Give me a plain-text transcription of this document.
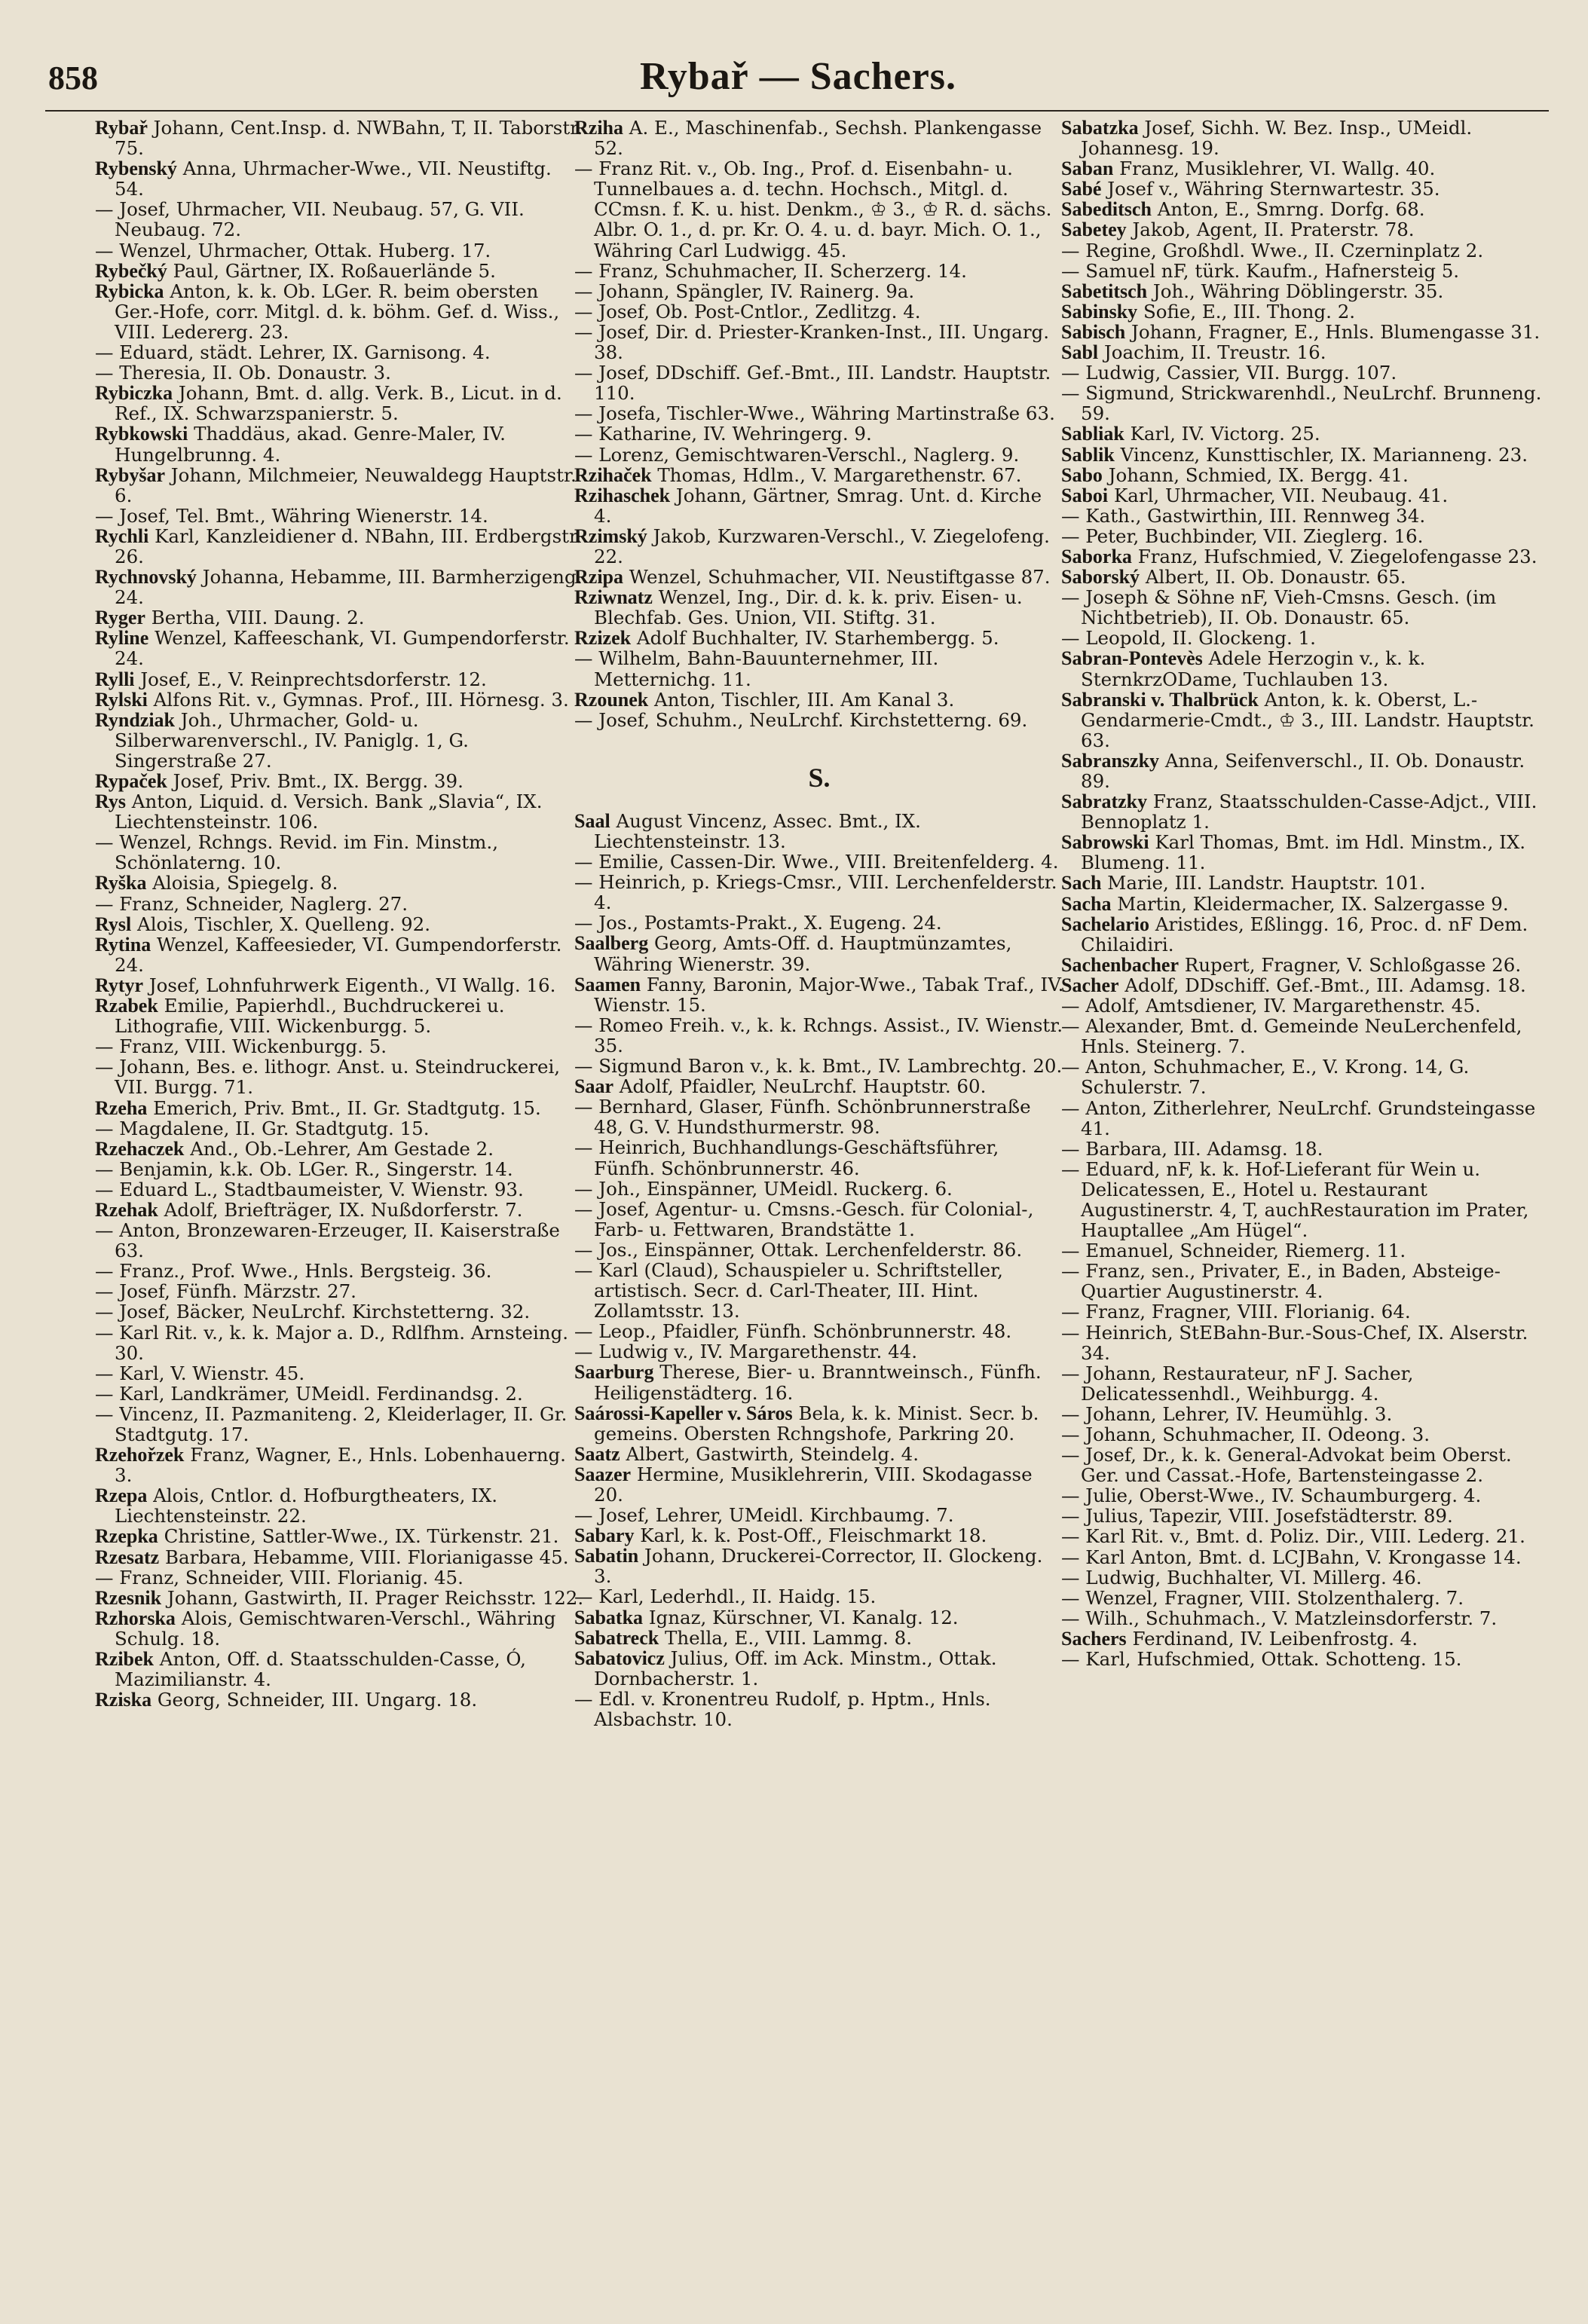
858	Rybař — Sachers.
Rybař Johann, Cent.Insp. d. NWBahn, T, II. Taborstr. 75.
Rybenský Anna, Uhrmacher-Wwe., VII. Neustiftg. 54.
— Josef, Uhrmacher, VII. Neubaug. 57, G. VII. Neubaug. 72.
— Wenzel, Uhrmacher, Ottak. Huberg. 17.
Rybečký Paul, Gärtner, IX. Roßauerlände 5.
Rybicka Anton, k. k. Ob. LGer. R. beim obersten Ger.-Hofe, corr. Mitgl. d. k. böhm. Gef. d. Wiss., VIII. Ledererg. 23.
— Eduard, städt. Lehrer, IX. Garnisong. 4.
— Theresia, II. Ob. Donaustr. 3.
Rybiczka Johann, Bmt. d. allg. Verk. B., Licut. in d. Ref., IX. Schwarzspanierstr. 5.
Rybkowski Thaddäus, akad. Genre-Maler, IV. Hungelbrunng. 4.
Rybyšar Johann, Milchmeier, Neuwaldegg Hauptstr. 6.
— Josef, Tel. Bmt., Währing Wienerstr. 14.
Rychli Karl, Kanzleidiener d. NBahn, III. Erdbergstr. 26.
Rychnovský Johanna, Hebamme, III. Barmherzigeng. 24.
Ryger Bertha, VIII. Daung. 2.
Ryline Wenzel, Kaffeeschank, VI. Gumpendorferstr. 24.
Rylli Josef, E., V. Reinprechtsdorferstr. 12.
Rylski Alfons Rit. v., Gymnas. Prof., III. Hörnesg. 3.
Ryndziak Joh., Uhrmacher, Gold- u. Silberwarenverschl., IV. Paniglg. 1, G. Singerstraße 27.
Rypaček Josef, Priv. Bmt., IX. Bergg. 39.
Rys Anton, Liquid. d. Versich. Bank „Slavia“, IX. Liechtensteinstr. 106.
— Wenzel, Rchngs. Revid. im Fin. Minstm., Schönlaterng. 10.
Ryška Aloisia, Spiegelg. 8.
— Franz, Schneider, Naglerg. 27.
Rysl Alois, Tischler, X. Quelleng. 92.
Rytina Wenzel, Kaffeesieder, VI. Gumpendorferstr. 24.
Rytyr Josef, Lohnfuhrwerk Eigenth., VI Wallg. 16.
Rzabek Emilie, Papierhdl., Buchdruckerei u. Lithografie, VIII. Wickenburgg. 5.
— Franz, VIII. Wickenburgg. 5.
— Johann, Bes. e. lithogr. Anst. u. Steindruckerei, VII. Burgg. 71.
Rzeha Emerich, Priv. Bmt., II. Gr. Stadtgutg. 15.
— Magdalene, II. Gr. Stadtgutg. 15.
Rzehaczek And., Ob.-Lehrer, Am Gestade 2.
— Benjamin, k.k. Ob. LGer. R., Singerstr. 14.
— Eduard L., Stadtbaumeister, V. Wienstr. 93.
Rzehak Adolf, Briefträger, IX. Nußdorferstr. 7.
— Anton, Bronzewaren-Erzeuger, II. Kaiserstraße 63.
— Franz., Prof. Wwe., Hnls. Bergsteig. 36.
— Josef, Fünfh. Märzstr. 27.
— Josef, Bäcker, NeuLrchf. Kirchstetterng. 32.
— Karl Rit. v., k. k. Major a. D., Rdlfhm. Arnsteing. 30.
— Karl, V. Wienstr. 45.
— Karl, Landkrämer, UMeidl. Ferdinandsg. 2.
— Vincenz, II. Pazmaniteng. 2, Kleiderlager, II. Gr. Stadtgutg. 17.
Rzehořzek Franz, Wagner, E., Hnls. Lobenhauerng. 3.
Rzepa Alois, Cntlor. d. Hofburgtheaters, IX. Liechtensteinstr. 22.
Rzepka Christine, Sattler-Wwe., IX. Türkenstr. 21.
Rzesatz Barbara, Hebamme, VIII. Florianigasse 45.
— Franz, Schneider, VIII. Florianig. 45.
Rzesnik Johann, Gastwirth, II. Prager Reichsstr. 122.
Rzhorska Alois, Gemischtwaren-Verschl., Währing Schulg. 18.
Rzibek Anton, Off. d. Staatsschulden-Casse, Ó, Mazimilianstr. 4.
Rziska Georg, Schneider, III. Ungarg. 18.
Rziha A. E., Maschinenfab., Sechsh. Plankengasse 52.
— Franz Rit. v., Ob. Ing., Prof. d. Eisenbahn- u. Tunnelbaues a. d. techn. Hochsch., Mitgl. d. CCmsn. f. K. u. hist. Denkm., ♔ 3., ♔ R. d. sächs. Albr. O. 1., d. pr. Kr. O. 4. u. d. bayr. Mich. O. 1., Währing Carl Ludwigg. 45.
— Franz, Schuhmacher, II. Scherzerg. 14.
— Johann, Spängler, IV. Rainerg. 9a.
— Josef, Ob. Post-Cntlor., Zedlitzg. 4.
— Josef, Dir. d. Priester-Kranken-Inst., III. Ungarg. 38.
— Josef, DDschiff. Gef.-Bmt., III. Landstr. Hauptstr. 110.
— Josefa, Tischler-Wwe., Währing Martinstraße 63.
— Katharine, IV. Wehringerg. 9.
— Lorenz, Gemischtwaren-Verschl., Naglerg. 9.
Rzihaček Thomas, Hdlm., V. Margarethenstr. 67.
Rzihaschek Johann, Gärtner, Smrag. Unt. d. Kirche 4.
Rzimský Jakob, Kurzwaren-Verschl., V. Ziegelofeng. 22.
Rzipa Wenzel, Schuhmacher, VII. Neustiftgasse 87.
Rziwnatz Wenzel, Ing., Dir. d. k. k. priv. Eisen- u. Blechfab. Ges. Union, VII. Stiftg. 31.
Rzizek Adolf Buchhalter, IV. Starhembergg. 5.
— Wilhelm, Bahn-Bauunternehmer, III. Metternichg. 11.
Rzounek Anton, Tischler, III. Am Kanal 3.
— Josef, Schuhm., NeuLrchf. Kirchstetterng. 69.
S.
Saal August Vincenz, Assec. Bmt., IX. Liechtensteinstr. 13.
— Emilie, Cassen-Dir. Wwe., VIII. Breitenfelderg. 4.
— Heinrich, p. Kriegs-Cmsr., VIII. Lerchenfelderstr. 4.
— Jos., Postamts-Prakt., X. Eugeng. 24.
Saalberg Georg, Amts-Off. d. Hauptmünzamtes, Währing Wienerstr. 39.
Saamen Fanny, Baronin, Major-Wwe., Tabak Traf., IV. Wienstr. 15.
— Romeo Freih. v., k. k. Rchngs. Assist., IV. Wienstr. 35.
— Sigmund Baron v., k. k. Bmt., IV. Lambrechtg. 20.
Saar Adolf, Pfaidler, NeuLrchf. Hauptstr. 60.
— Bernhard, Glaser, Fünfh. Schönbrunnerstraße 48, G. V. Hundsthurmerstr. 98.
— Heinrich, Buchhandlungs-Geschäftsführer, Fünfh. Schönbrunnerstr. 46.
— Joh., Einspänner, UMeidl. Ruckerg. 6.
— Josef, Agentur- u. Cmsns.-Gesch. für Colonial-, Farb- u. Fettwaren, Brandstätte 1.
— Jos., Einspänner, Ottak. Lerchenfelderstr. 86.
— Karl (Claud), Schauspieler u. Schriftsteller, artistisch. Secr. d. Carl-Theater, III. Hint. Zollamtsstr. 13.
— Leop., Pfaidler, Fünfh. Schönbrunnerstr. 48.
— Ludwig v., IV. Margarethenstr. 44.
Saarburg Therese, Bier- u. Branntweinsch., Fünfh. Heiligenstädterg. 16.
Saárossi-Kapeller v. Sáros Bela, k. k. Minist. Secr. b. gemeins. Obersten Rchngshofe, Parkring 20.
Saatz Albert, Gastwirth, Steindelg. 4.
Saazer Hermine, Musiklehrerin, VIII. Skodagasse 20.
— Josef, Lehrer, UMeidl. Kirchbaumg. 7.
Sabary Karl, k. k. Post-Off., Fleischmarkt 18.
Sabatin Johann, Druckerei-Corrector, II. Glockeng. 3.
— Karl, Lederhdl., II. Haidg. 15.
Sabatka Ignaz, Kürschner, VI. Kanalg. 12.
Sabatreck Thella, E., VIII. Lammg. 8.
Sabatovicz Julius, Off. im Ack. Minstm., Ottak. Dornbacherstr. 1.
— Edl. v. Kronentreu Rudolf, p. Hptm., Hnls. Alsbachstr. 10.
Sabatzka Josef, Sichh. W. Bez. Insp., UMeidl. Johannesg. 19.
Saban Franz, Musiklehrer, VI. Wallg. 40.
Sabé Josef v., Währing Sternwartestr. 35.
Sabeditsch Anton, E., Smrng. Dorfg. 68.
Sabetey Jakob, Agent, II. Praterstr. 78.
— Regine, Großhdl. Wwe., II. Czerninplatz 2.
— Samuel nF, türk. Kaufm., Hafnersteig 5.
Sabetitsch Joh., Währing Döblingerstr. 35.
Sabinsky Sofie, E., III. Thong. 2.
Sabisch Johann, Fragner, E., Hnls. Blumengasse 31.
Sabl Joachim, II. Treustr. 16.
— Ludwig, Cassier, VII. Burgg. 107.
— Sigmund, Strickwarenhdl., NeuLrchf. Brunneng. 59.
Sabliak Karl, IV. Victorg. 25.
Sablik Vincenz, Kunsttischler, IX. Marianneng. 23.
Sabo Johann, Schmied, IX. Bergg. 41.
Saboi Karl, Uhrmacher, VII. Neubaug. 41.
— Kath., Gastwirthin, III. Rennweg 34.
— Peter, Buchbinder, VII. Zieglerg. 16.
Saborka Franz, Hufschmied, V. Ziegelofengasse 23.
Saborský Albert, II. Ob. Donaustr. 65.
— Joseph & Söhne nF, Vieh-Cmsns. Gesch. (im Nichtbetrieb), II. Ob. Donaustr. 65.
— Leopold, II. Glockeng. 1.
Sabran-Pontevès Adele Herzogin v., k. k. SternkrzODame, Tuchlauben 13.
Sabranski v. Thalbrück Anton, k. k. Oberst, L.-Gendarmerie-Cmdt., ♔ 3., III. Landstr. Hauptstr. 63.
Sabranszky Anna, Seifenverschl., II. Ob. Donaustr. 89.
Sabratzky Franz, Staatsschulden-Casse-Adjct., VIII. Bennoplatz 1.
Sabrowski Karl Thomas, Bmt. im Hdl. Minstm., IX. Blumeng. 11.
Sach Marie, III. Landstr. Hauptstr. 101.
Sacha Martin, Kleidermacher, IX. Salzergasse 9.
Sachelario Aristides, Eßlingg. 16, Proc. d. nF Dem. Chilaidiri.
Sachenbacher Rupert, Fragner, V. Schloßgasse 26.
Sacher Adolf, DDschiff. Gef.-Bmt., III. Adamsg. 18.
— Adolf, Amtsdiener, IV. Margarethenstr. 45.
— Alexander, Bmt. d. Gemeinde NeuLerchenfeld, Hnls. Steinerg. 7.
— Anton, Schuhmacher, E., V. Krong. 14, G. Schulerstr. 7.
— Anton, Zitherlehrer, NeuLrchf. Grundsteingasse 41.
— Barbara, III. Adamsg. 18.
— Eduard, nF, k. k. Hof-Lieferant für Wein u. Delicatessen, E., Hotel u. Restaurant Augustinerstr. 4, T, auchRestauration im Prater, Hauptallee „Am Hügel“.
— Emanuel, Schneider, Riemerg. 11.
— Franz, sen., Privater, E., in Baden, Absteige-Quartier Augustinerstr. 4.
— Franz, Fragner, VIII. Florianig. 64.
— Heinrich, StEBahn-Bur.-Sous-Chef, IX. Alserstr. 34.
— Johann, Restaurateur, nF J. Sacher, Delicatessenhdl., Weihburgg. 4.
— Johann, Lehrer, IV. Heumühlg. 3.
— Johann, Schuhmacher, II. Odeong. 3.
— Josef, Dr., k. k. General-Advokat beim Oberst. Ger. und Cassat.-Hofe, Bartensteingasse 2.
— Julie, Oberst-Wwe., IV. Schaumburgerg. 4.
— Julius, Tapezir, VIII. Josefstädterstr. 89.
— Karl Rit. v., Bmt. d. Poliz. Dir., VIII. Lederg. 21.
— Karl Anton, Bmt. d. LCJBahn, V. Krongasse 14.
— Ludwig, Buchhalter, VI. Millerg. 46.
— Wenzel, Fragner, VIII. Stolzenthalerg. 7.
— Wilh., Schuhmach., V. Matzleinsdorferstr. 7.
Sachers Ferdinand, IV. Leibenfrostg. 4.
— Karl, Hufschmied, Ottak. Schotteng. 15.
